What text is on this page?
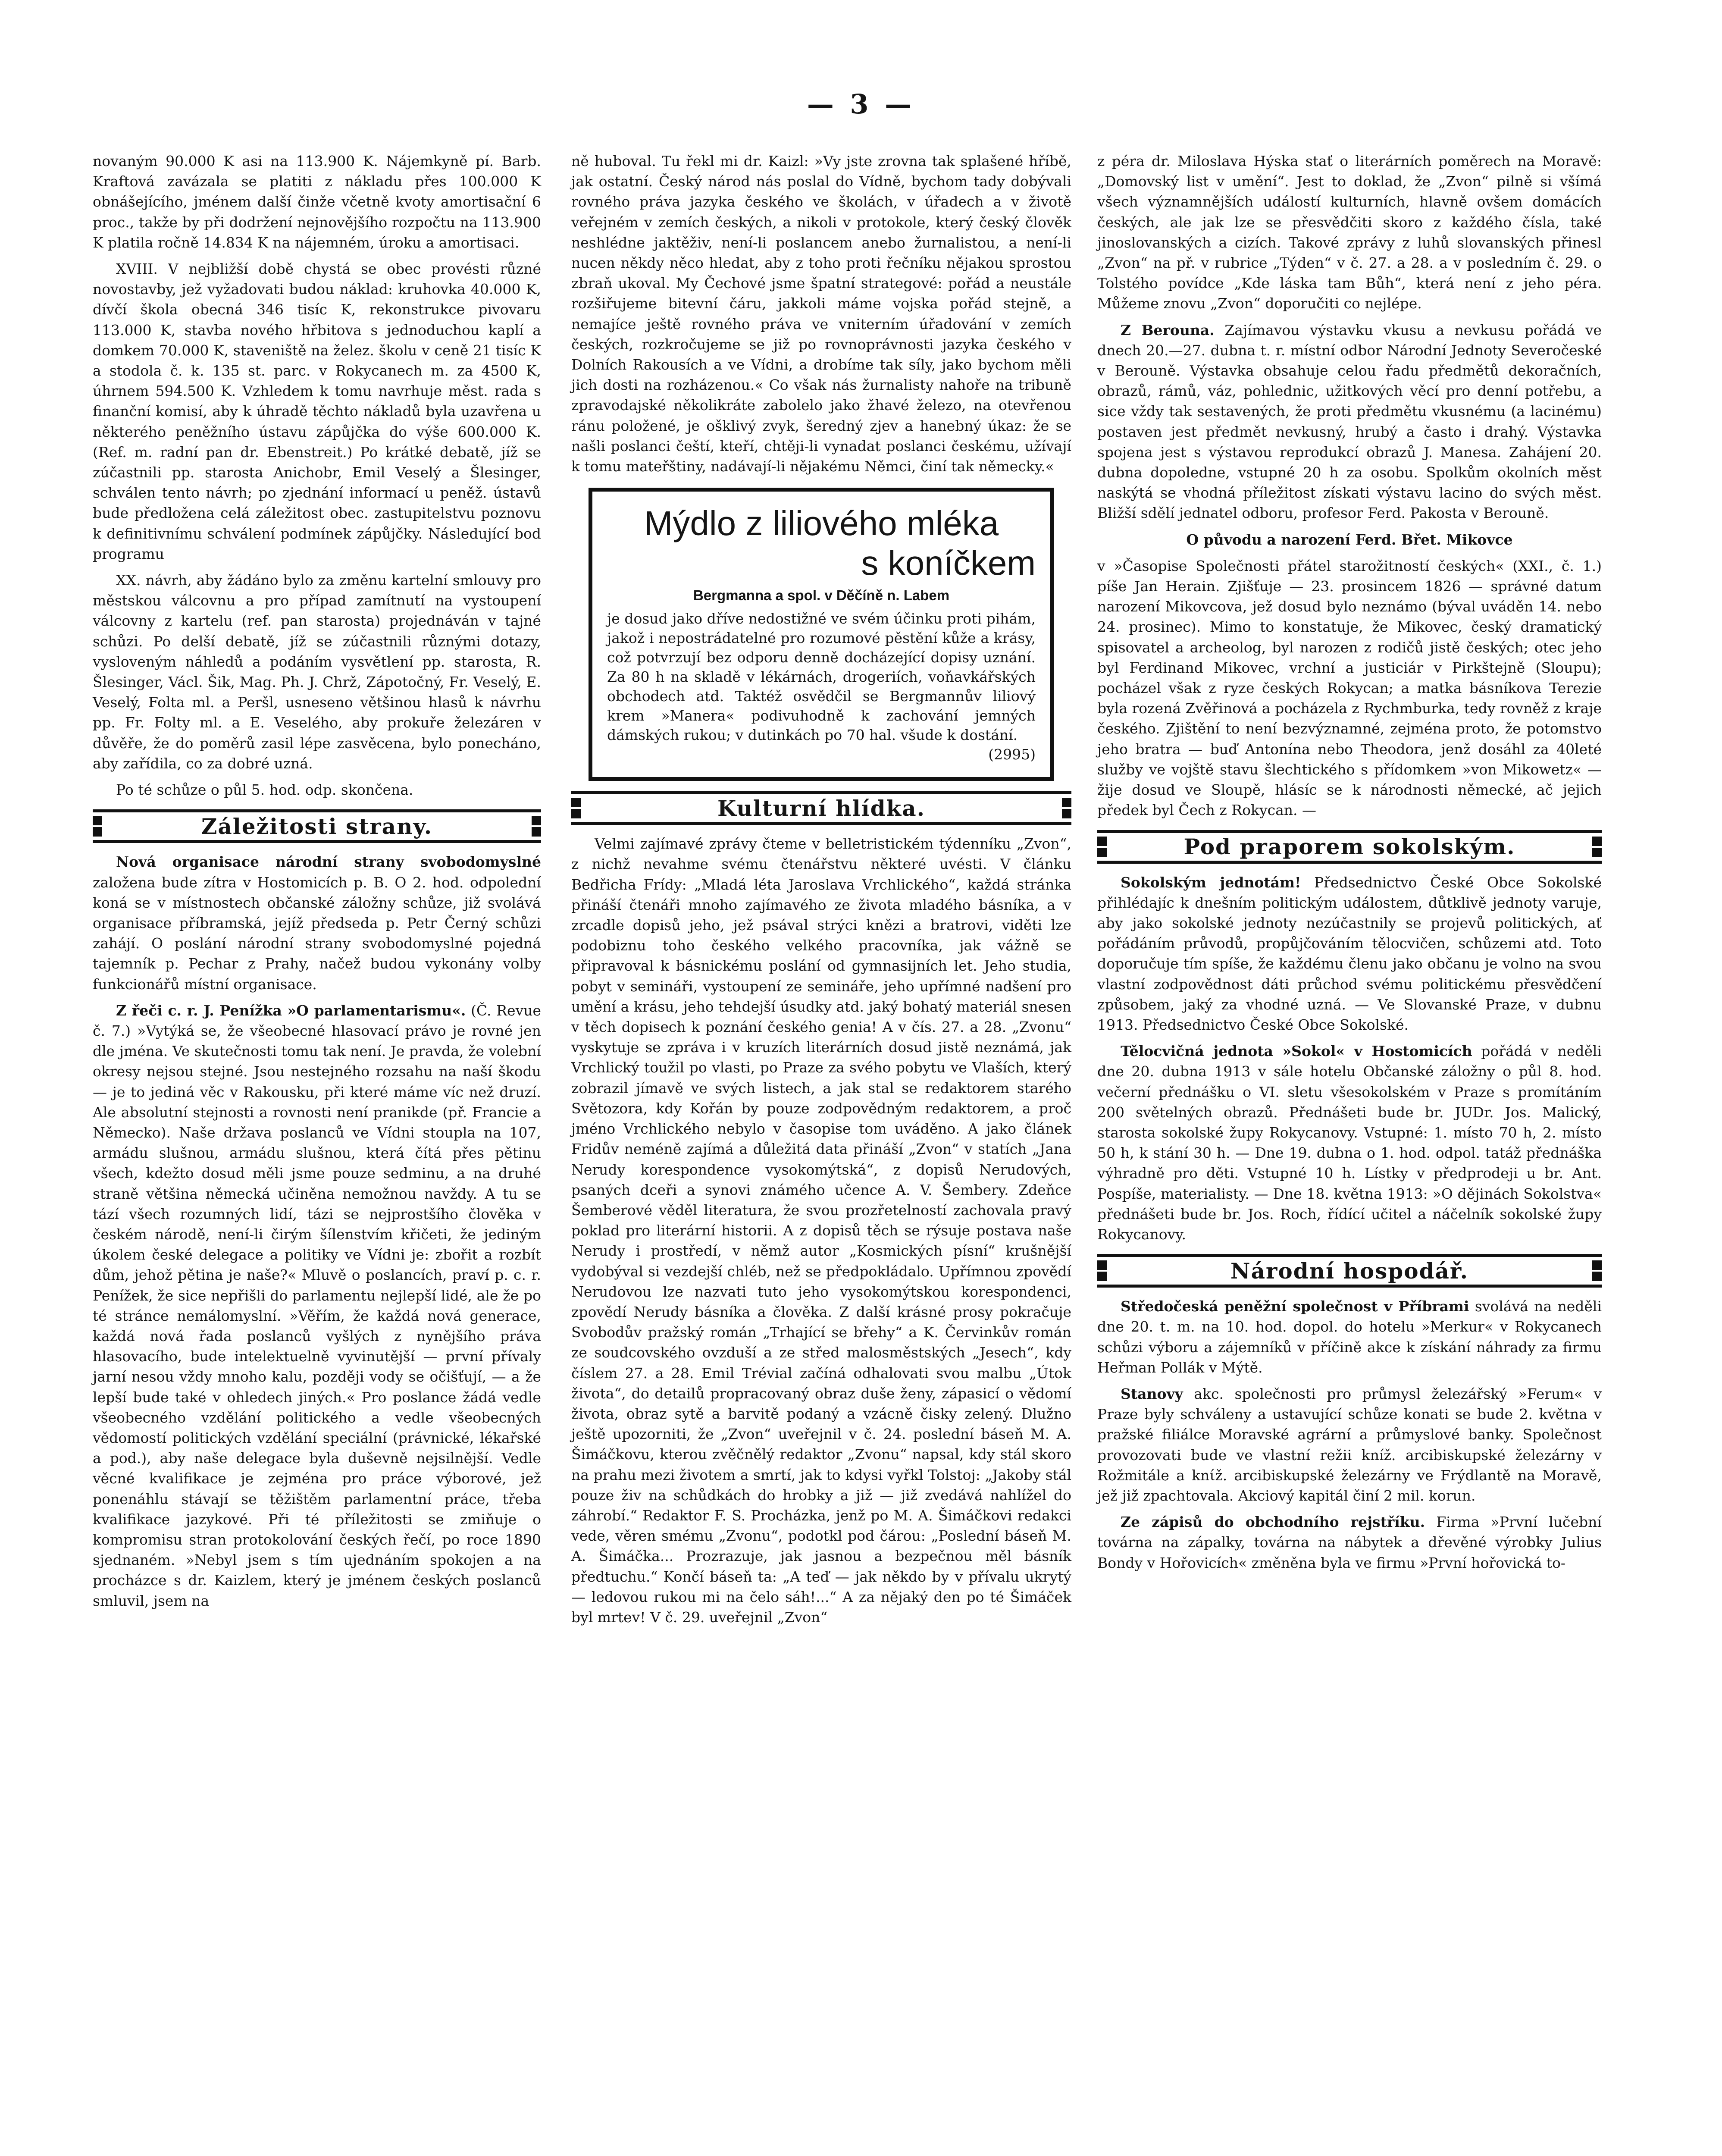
— 3 —

novaným 90.000 K asi na 113.900 K. Nájemkyně pí. Barb. Kraftová zavázala se platiti z nákladu přes 100.000 K obnášejícího, jménem další činže včetně kvoty amortisační 6 proc., takže by při dodržení nejnovějšího rozpočtu na 113.900 K platila ročně 14.834 K na nájemném, úroku a amortisaci.

XVIII. V nejbližší době chystá se obec provésti různé novostavby, jež vyžadovati budou náklad: kruhovka 40.000 K, dívčí škola obecná 346 tisíc K, rekonstrukce pivovaru 113.000 K, stavba nového hřbitova s jednoduchou kaplí a domkem 70.000 K, staveniště na želez. školu v ceně 21 tisíc K a stodola č. k. 135 st. parc. v Rokycanech m. za 4500 K, úhrnem 594.500 K. Vzhledem k tomu navrhuje měst. rada s finanční komisí, aby k úhradě těchto nákladů byla uzavřena u některého peněžního ústavu zápůjčka do výše 600.000 K. (Ref. m. radní pan dr. Ebenstreit.) Po krátké debatě, jíž se zúčastnili pp. starosta Anichobr, Emil Veselý a Šlesinger, schválen tento návrh; po zjednání informací u peněž. ústavů bude předložena celá záležitost obec. zastupitelstvu poznovu k definitivnímu schválení podmínek zápůjčky. Následující bod programu

XX. návrh, aby žádáno bylo za změnu kartelní smlouvy pro městskou válcovnu a pro případ zamítnutí na vystoupení válcovny z kartelu (ref. pan starosta) projednáván v tajné schůzi. Po delší debatě, jíž se zúčastnili různými dotazy, vysloveným náhledů a podáním vysvětlení pp. starosta, R. Šlesinger, Václ. Šik, Mag. Ph. J. Chrž, Zápotočný, Fr. Veselý, E. Veselý, Folta ml. a Peršl, usneseno většinou hlasů k návrhu pp. Fr. Folty ml. a E. Veselého, aby prokuře železáren v důvěře, že do poměrů zasil lépe zasvěcena, bylo ponecháno, aby zařídila, co za dobré uzná.

Po té schůze o půl 5. hod. odp. skončena.

Záležitosti strany.

Nová organisace národní strany svobodomyslné založena bude zítra v Hostomicích p. B. O 2. hod. odpolední koná se v místnostech občanské záložny schůze, již svolává organisace příbramská, jejíž předseda p. Petr Černý schůzi zahájí. O poslání národní strany svobodomyslné pojedná tajemník p. Pechar z Prahy, načež budou vykonány volby funkcionářů místní organisace.

Z řeči c. r. J. Penížka »O parlamentarismu«. (Č. Revue č. 7.) »Vytýká se, že všeobecné hlasovací právo je rovné jen dle jména. Ve skutečnosti tomu tak není. Je pravda, že volební okresy nejsou stejné. Jsou nestejného rozsahu na naší škodu — je to jediná věc v Rakousku, při které máme víc než druzí. Ale absolutní stejnosti a rovnosti není pranikde (př. Francie a Německo). Naše država poslanců ve Vídni stoupla na 107, armádu slušnou, armádu slušnou, která čítá přes pětinu všech, kdežto dosud měli jsme pouze sedminu, a na druhé straně většina německá učiněna nemožnou navždy. A tu se tází všech rozumných lidí, tázi se nejprostšího člověka v českém národě, není-li čirým šílenstvím křičeti, že jediným úkolem české delegace a politiky ve Vídni je: zbořit a rozbít dům, jehož pětina je naše?« Mluvě o poslancích, praví p. c. r. Penížek, že sice nepřišli do parlamentu nejlepší lidé, ale že po té stránce nemálomyslní. »Věřím, že každá nová generace, každá nová řada poslanců vyšlých z nynějšího práva hlasovacího, bude intelektuelně vyvinutější — první přívaly jarní nesou vždy mnoho kalu, později vody se očišťují, — a že lepší bude také v ohledech jiných.« Pro poslance žádá vedle všeobecného vzdělání politického a vedle všeobecných vědomostí politických vzdělání speciální (právnické, lékařské a pod.), aby naše delegace byla duševně nejsilnější. Vedle věcné kvalifikace je zejména pro práce výborové, jež ponenáhlu stávají se těžištěm parlamentní práce, třeba kvalifikace jazykové. Při té příležitosti se zmiňuje o kompromisu stran protokolování českých řečí, po roce 1890 sjednaném. »Nebyl jsem s tím ujednáním spokojen a na procházce s dr. Kaizlem, který je jménem českých poslanců smluvil, jsem na

ně huboval. Tu řekl mi dr. Kaizl: »Vy jste zrovna tak splašené hříbě, jak ostatní. Český národ nás poslal do Vídně, bychom tady dobývali rovného práva jazyka českého ve školách, v úřadech a v životě veřejném v zemích českých, a nikoli v protokole, který český člověk neshlédne jaktěživ, není-li poslancem anebo žurnalistou, a není-li nucen někdy něco hledat, aby z toho proti řečníku nějakou sprostou zbraň ukoval. My Čechové jsme špatní strategové: pořád a neustále rozšiřujeme bitevní čáru, jakkoli máme vojska pořád stejně, a nemajíce ještě rovného práva ve vniterním úřadování v zemích českých, rozkročujeme se již po rovnoprávnosti jazyka českého v Dolních Rakousích a ve Vídni, a drobíme tak síly, jako bychom měli jich dosti na rozházenou.« Co však nás žurnalisty nahoře na tribuně zpravodajské několikráte zabolelo jako žhavé železo, na otevřenou ránu položené, je ošklivý zvyk, šeredný zjev a hanebný úkaz: že se našli poslanci čeští, kteří, chtěji-li vynadat poslanci českému, užívají k tomu mateřštiny, nadávají-li nějakému Němci, činí tak německy.«

Mýdlo z liliového mléka
s koníčkem
Bergmanna a spol. v Děčíně n. Labem

je dosud jako dříve nedostižné ve svém účinku proti pihám, jakož i nepostrádatelné pro rozumové pěstění kůže a krásy, což potvrzují bez odporu denně docházející dopisy uznání. Za 80 h na skladě v lékárnách, drogeriích, voňavkářských obchodech atd. Taktéž osvědčil se Bergmannův liliový krem »Manera« podivuhodně k zachování jemných dámských rukou; v dutinkách po 70 hal. všude k dostání.

(2995)
Kulturní hlídka.

Velmi zajímavé zprávy čteme v belletristickém týdenníku „Zvon“, z nichž nevahme svému čtenářstvu některé uvésti. V článku Bedřicha Frídy: „Mladá léta Jaroslava Vrchlického“, každá stránka přináší čtenáři mnoho zajímavého ze života mladého básníka, a v zrcadle dopisů jeho, jež psával strýci knězi a bratrovi, viděti lze podobiznu toho českého velkého pracovníka, jak vážně se připravoval k básnickému poslání od gymnasijních let. Jeho studia, pobyt v semináři, vystoupení ze semináře, jeho upřímné nadšení pro umění a krásu, jeho tehdejší úsudky atd. jaký bohatý materiál snesen v těch dopisech k poznání českého genia! A v čís. 27. a 28. „Zvonu“ vyskytuje se zpráva i v kruzích literárních dosud jistě neznámá, jak Vrchlický toužil po vlasti, po Praze za svého pobytu ve Vlaších, který zobrazil jímavě ve svých listech, a jak stal se redaktorem starého Světozora, kdy Kořán by pouze zodpovědným redaktorem, a proč jméno Vrchlického nebylo v časopise tom uváděno. A jako článek Fridův neméně zajímá a důležitá data přináší „Zvon“ v statích „Jana Nerudy korespondence vysokomýtská“, z dopisů Nerudových, psaných dceři a synovi známého učence A. V. Šembery. Zdeňce Šemberové věděl literatura, že svou prozřetelností zachovala pravý poklad pro literární historii. A z dopisů těch se rýsuje postava naše Nerudy i prostředí, v němž autor „Kosmických písní“ krušnější vydobýval si vezdejší chléb, než se předpokládalo. Upřímnou zpovědí Nerudovou lze nazvati tuto jeho vysokomýtskou korespondenci, zpovědí Nerudy básníka a člověka. Z další krásné prosy pokračuje Svobodův pražský román „Trhající se břehy“ a K. Červinkův román ze soudcovského ovzduší a ze střed malosměstských „Jesech“, kdy číslem 27. a 28. Emil Trévial začíná odhalovati svou malbu „Útok života“, do detailů propracovaný obraz duše ženy, zápasicí o vědomí života, obraz sytě a barvitě podaný a vzácně čisky zelený. Dlužno ještě upozorniti, že „Zvon“ uveřejnil v č. 24. poslední báseň M. A. Šimáčkovu, kterou zvěčnělý redaktor „Zvonu“ napsal, kdy stál skoro na prahu mezi životem a smrtí, jak to kdysi vyřkl Tolstoj: „Jakoby stál pouze živ na schůdkách do hrobky a již — již zvedává nahlížel do záhrobí.“ Redaktor F. S. Procházka, jenž po M. A. Šimáčkovi redakci vede, věren smému „Zvonu“, podotkl pod čárou: „Poslední báseň M. A. Šimáčka... Prozrazuje, jak jasnou a bezpečnou měl básník předtuchu.“ Končí báseň ta: „A teď — jak někdo by v přívalu ukrytý — ledovou rukou mi na čelo sáh!...“ A za nějaký den po té Šimáček byl mrtev! V č. 29. uveřejnil „Zvon“

z péra dr. Miloslava Hýska stať o literárních poměrech na Moravě: „Domovský list v umění“. Jest to doklad, že „Zvon“ pilně si všímá všech významnějších událostí kulturních, hlavně ovšem domácích českých, ale jak lze se přesvědčiti skoro z každého čísla, také jinoslovanských a cizích. Takové zprávy z luhů slovanských přinesl „Zvon“ na př. v rubrice „Týden“ v č. 27. a 28. a v posledním č. 29. o Tolstého povídce „Kde láska tam Bůh“, která není z jeho péra. Můžeme znovu „Zvon“ doporučiti co nejlépe.

Z Berouna. Zajímavou výstavku vkusu a nevkusu pořádá ve dnech 20.—27. dubna t. r. místní odbor Národní Jednoty Severočeské v Berouně. Výstavka obsahuje celou řadu předmětů dekoračních, obrazů, rámů, váz, pohlednic, užitkových věcí pro denní potřebu, a sice vždy tak sestavených, že proti předmětu vkusnému (a lacinému) postaven jest předmět nevkusný, hrubý a často i drahý. Výstavka spojena jest s výstavou reprodukcí obrazů J. Manesa. Zahájení 20. dubna dopoledne, vstupné 20 h za osobu. Spolkům okolních měst naskýtá se vhodná příležitost získati výstavu lacino do svých měst. Bližší sdělí jednatel odboru, profesor Ferd. Pakosta v Berouně.

O původu a narození Ferd. Břet. Mikovce

v »Časopise Společnosti přátel starožitností českých« (XXI., č. 1.) píše Jan Herain. Zjišťuje — 23. prosincem 1826 — správné datum narození Mikovcova, jež dosud bylo neznámo (býval uváděn 14. nebo 24. prosinec). Mimo to konstatuje, že Mikovec, český dramatický spisovatel a archeolog, byl narozen z rodičů jistě českých; otec jeho byl Ferdinand Mikovec, vrchní a justiciár v Pirkštejně (Sloupu); pocházel však z ryze českých Rokycan; a matka básníkova Terezie byla rozená Zvěřinová a pocházela z Rychmburka, tedy rovněž z kraje českého. Zjištění to není bezvýznamné, zejména proto, že potomstvo jeho bratra — buď Antonína nebo Theodora, jenž dosáhl za 40leté služby ve vojště stavu šlechtického s přídomkem »von Mikowetz« — žije dosud ve Sloupě, hlásíc se k národnosti německé, ač jejich předek byl Čech z Rokycan. —

Pod praporem sokolským.

Sokolským jednotám! Předsednictvo České Obce Sokolské přihlédajíc k dnešním politickým událostem, důtklivě jednoty varuje, aby jako sokolské jednoty nezúčastnily se projevů politických, ať pořádáním průvodů, propůjčováním tělocvičen, schůzemi atd. Toto doporučuje tím spíše, že každému členu jako občanu je volno na svou vlastní zodpovědnost dáti průchod svému politickému přesvědčení způsobem, jaký za vhodné uzná. — Ve Slovanské Praze, v dubnu 1913. Předsednictvo České Obce Sokolské.

Tělocvičná jednota »Sokol« v Hostomicích pořádá v neděli dne 20. dubna 1913 v sále hotelu Občanské záložny o půl 8. hod. večerní přednášku o VI. sletu všesokolském v Praze s promítáním 200 světelných obrazů. Přednášeti bude br. JUDr. Jos. Malický, starosta sokolské župy Rokycanovy. Vstupné: 1. místo 70 h, 2. místo 50 h, k stání 30 h. — Dne 19. dubna o 1. hod. odpol. tatáž přednáška výhradně pro děti. Vstupné 10 h. Lístky v předprodeji u br. Ant. Pospíše, materialisty. — Dne 18. května 1913: »O dějinách Sokolstva« přednášeti bude br. Jos. Roch, řídící učitel a náčelník sokolské župy Rokycanovy.

Národní hospodář.

Středočeská peněžní společnost v Příbrami svolává na neděli dne 20. t. m. na 10. hod. dopol. do hotelu »Merkur« v Rokycanech schůzi výboru a zájemníků v příčině akce k získání náhrady za firmu Heřman Pollák v Mýtě.

Stanovy akc. společnosti pro průmysl železářský »Ferum« v Praze byly schváleny a ustavující schůze konati se bude 2. května v pražské filiálce Moravské agrární a průmyslové banky. Společnost provozovati bude ve vlastní režii kníž. arcibiskupské železárny v Rožmitále a knίž. arcibiskupské železárny ve Frýdlantě na Moravě, jež již zpachtovala. Akciový kapitál činí 2 mil. korun.

Ze zápisů do obchodního rejstříku. Firma »První lučební továrna na zápalky, továrna na nábytek a dřevěné výrobky Julius Bondy v Hořovicích« změněna byla ve firmu »První hořovická to-
